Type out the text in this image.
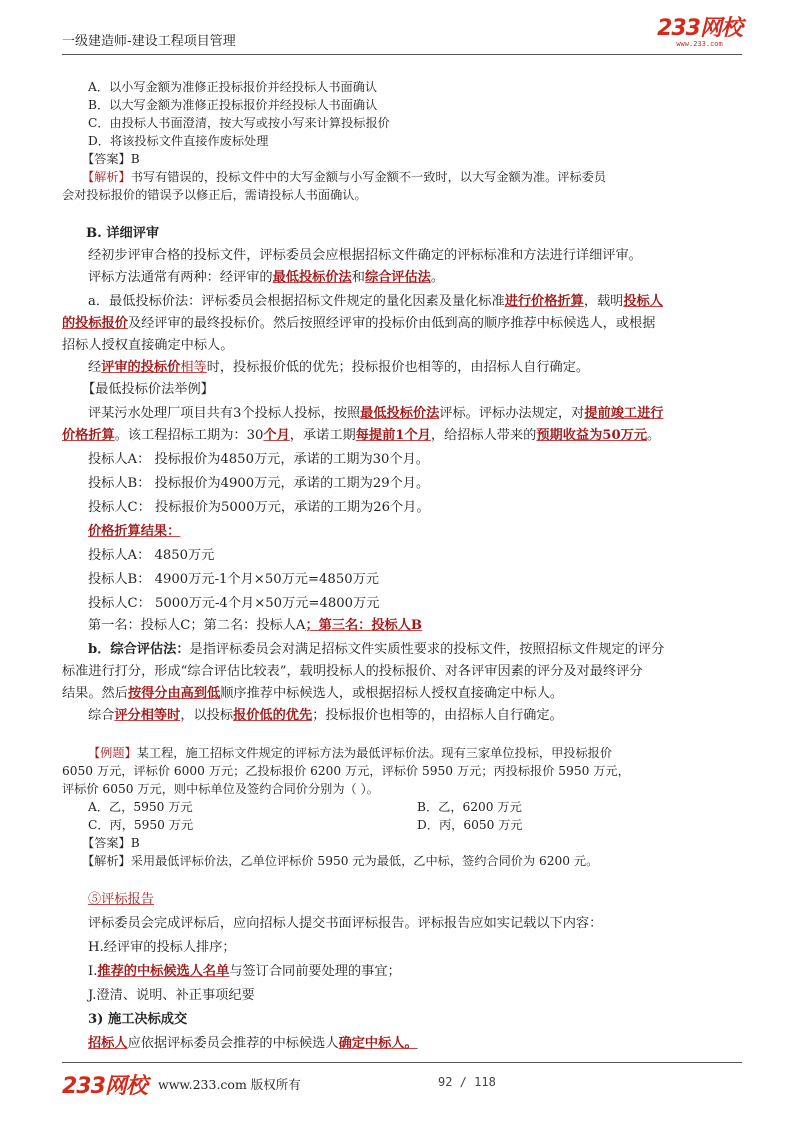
一级建造师-建设工程项目管理
233网校
www.233.com
A．以小写金额为准修正投标报价并经投标人书面确认
B．以大写金额为准修正投标报价并经投标人书面确认
C．由投标人书面澄清，按大写或按小写来计算投标报价
D．将该投标文件直接作废标处理
【答案】B
【解析】书写有错误的，投标文件中的大写金额与小写金额不一致时，以大写金额为准。评标委员
会对投标报价的错误予以修正后，需请投标人书面确认。
B. 详细评审
经初步评审合格的投标文件，评标委员会应根据招标文件确定的评标标准和方法进行详细评审。
评标方法通常有两种：经评审的最低投标价法和综合评估法。
a．最低投标价法：评标委员会根据招标文件规定的量化因素及量化标准进行价格折算，载明投标人
的投标报价及经评审的最终投标价。然后按照经评审的投标价由低到高的顺序推荐中标候选人，或根据
招标人授权直接确定中标人。
经评审的投标价相等时，投标报价低的优先；投标报价也相等的，由招标人自行确定。
【最低投标价法举例】
评某污水处理厂项目共有3个投标人投标，按照最低投标价法评标。评标办法规定，对提前竣工进行
价格折算。该工程招标工期为：30个月，承诺工期每提前1个月，给招标人带来的预期收益为50万元。
投标人A： 投标报价为4850万元，承诺的工期为30个月。
投标人B： 投标报价为4900万元，承诺的工期为29个月。
投标人C： 投标报价为5000万元，承诺的工期为26个月。
价格折算结果：
投标人A： 4850万元
投标人B： 4900万元-1个月×50万元=4850万元
投标人C： 5000万元-4个月×50万元=4800万元
第一名：投标人C；第二名：投标人A；第三名：投标人B
b．综合评估法：是指评标委员会对满足招标文件实质性要求的投标文件，按照招标文件规定的评分
标准进行打分，形成“综合评估比较表”，载明投标人的投标报价、对各评审因素的评分及对最终评分
结果。然后按得分由高到低顺序推荐中标候选人，或根据招标人授权直接确定中标人。
综合评分相等时，以投标报价低的优先；投标报价也相等的，由招标人自行确定。
【例题】某工程，施工招标文件规定的评标方法为最低评标价法。现有三家单位投标，甲投标报价
6050 万元，评标价 6000 万元；乙投标报价 6200 万元，评标价 5950 万元；丙投标报价 5950 万元，
评标价 6050 万元，则中标单位及签约合同价分别为（ ）。
A．乙，5950 万元	B．乙，6200 万元
C．丙，5950 万元	D．丙，6050 万元
【答案】B
【解析】采用最低评标价法，乙单位评标价 5950 元为最低，乙中标，签约合同价为 6200 元。
⑤评标报告
评标委员会完成评标后，应向招标人提交书面评标报告。评标报告应如实记载以下内容：
H.经评审的投标人排序；
I.推荐的中标候选人名单与签订合同前要处理的事宜；
J.澄清、说明、补正事项纪要
3) 施工决标成交
招标人应依据评标委员会推荐的中标候选人确定中标人。
233网校 www.233.com 版权所有	92 / 118
